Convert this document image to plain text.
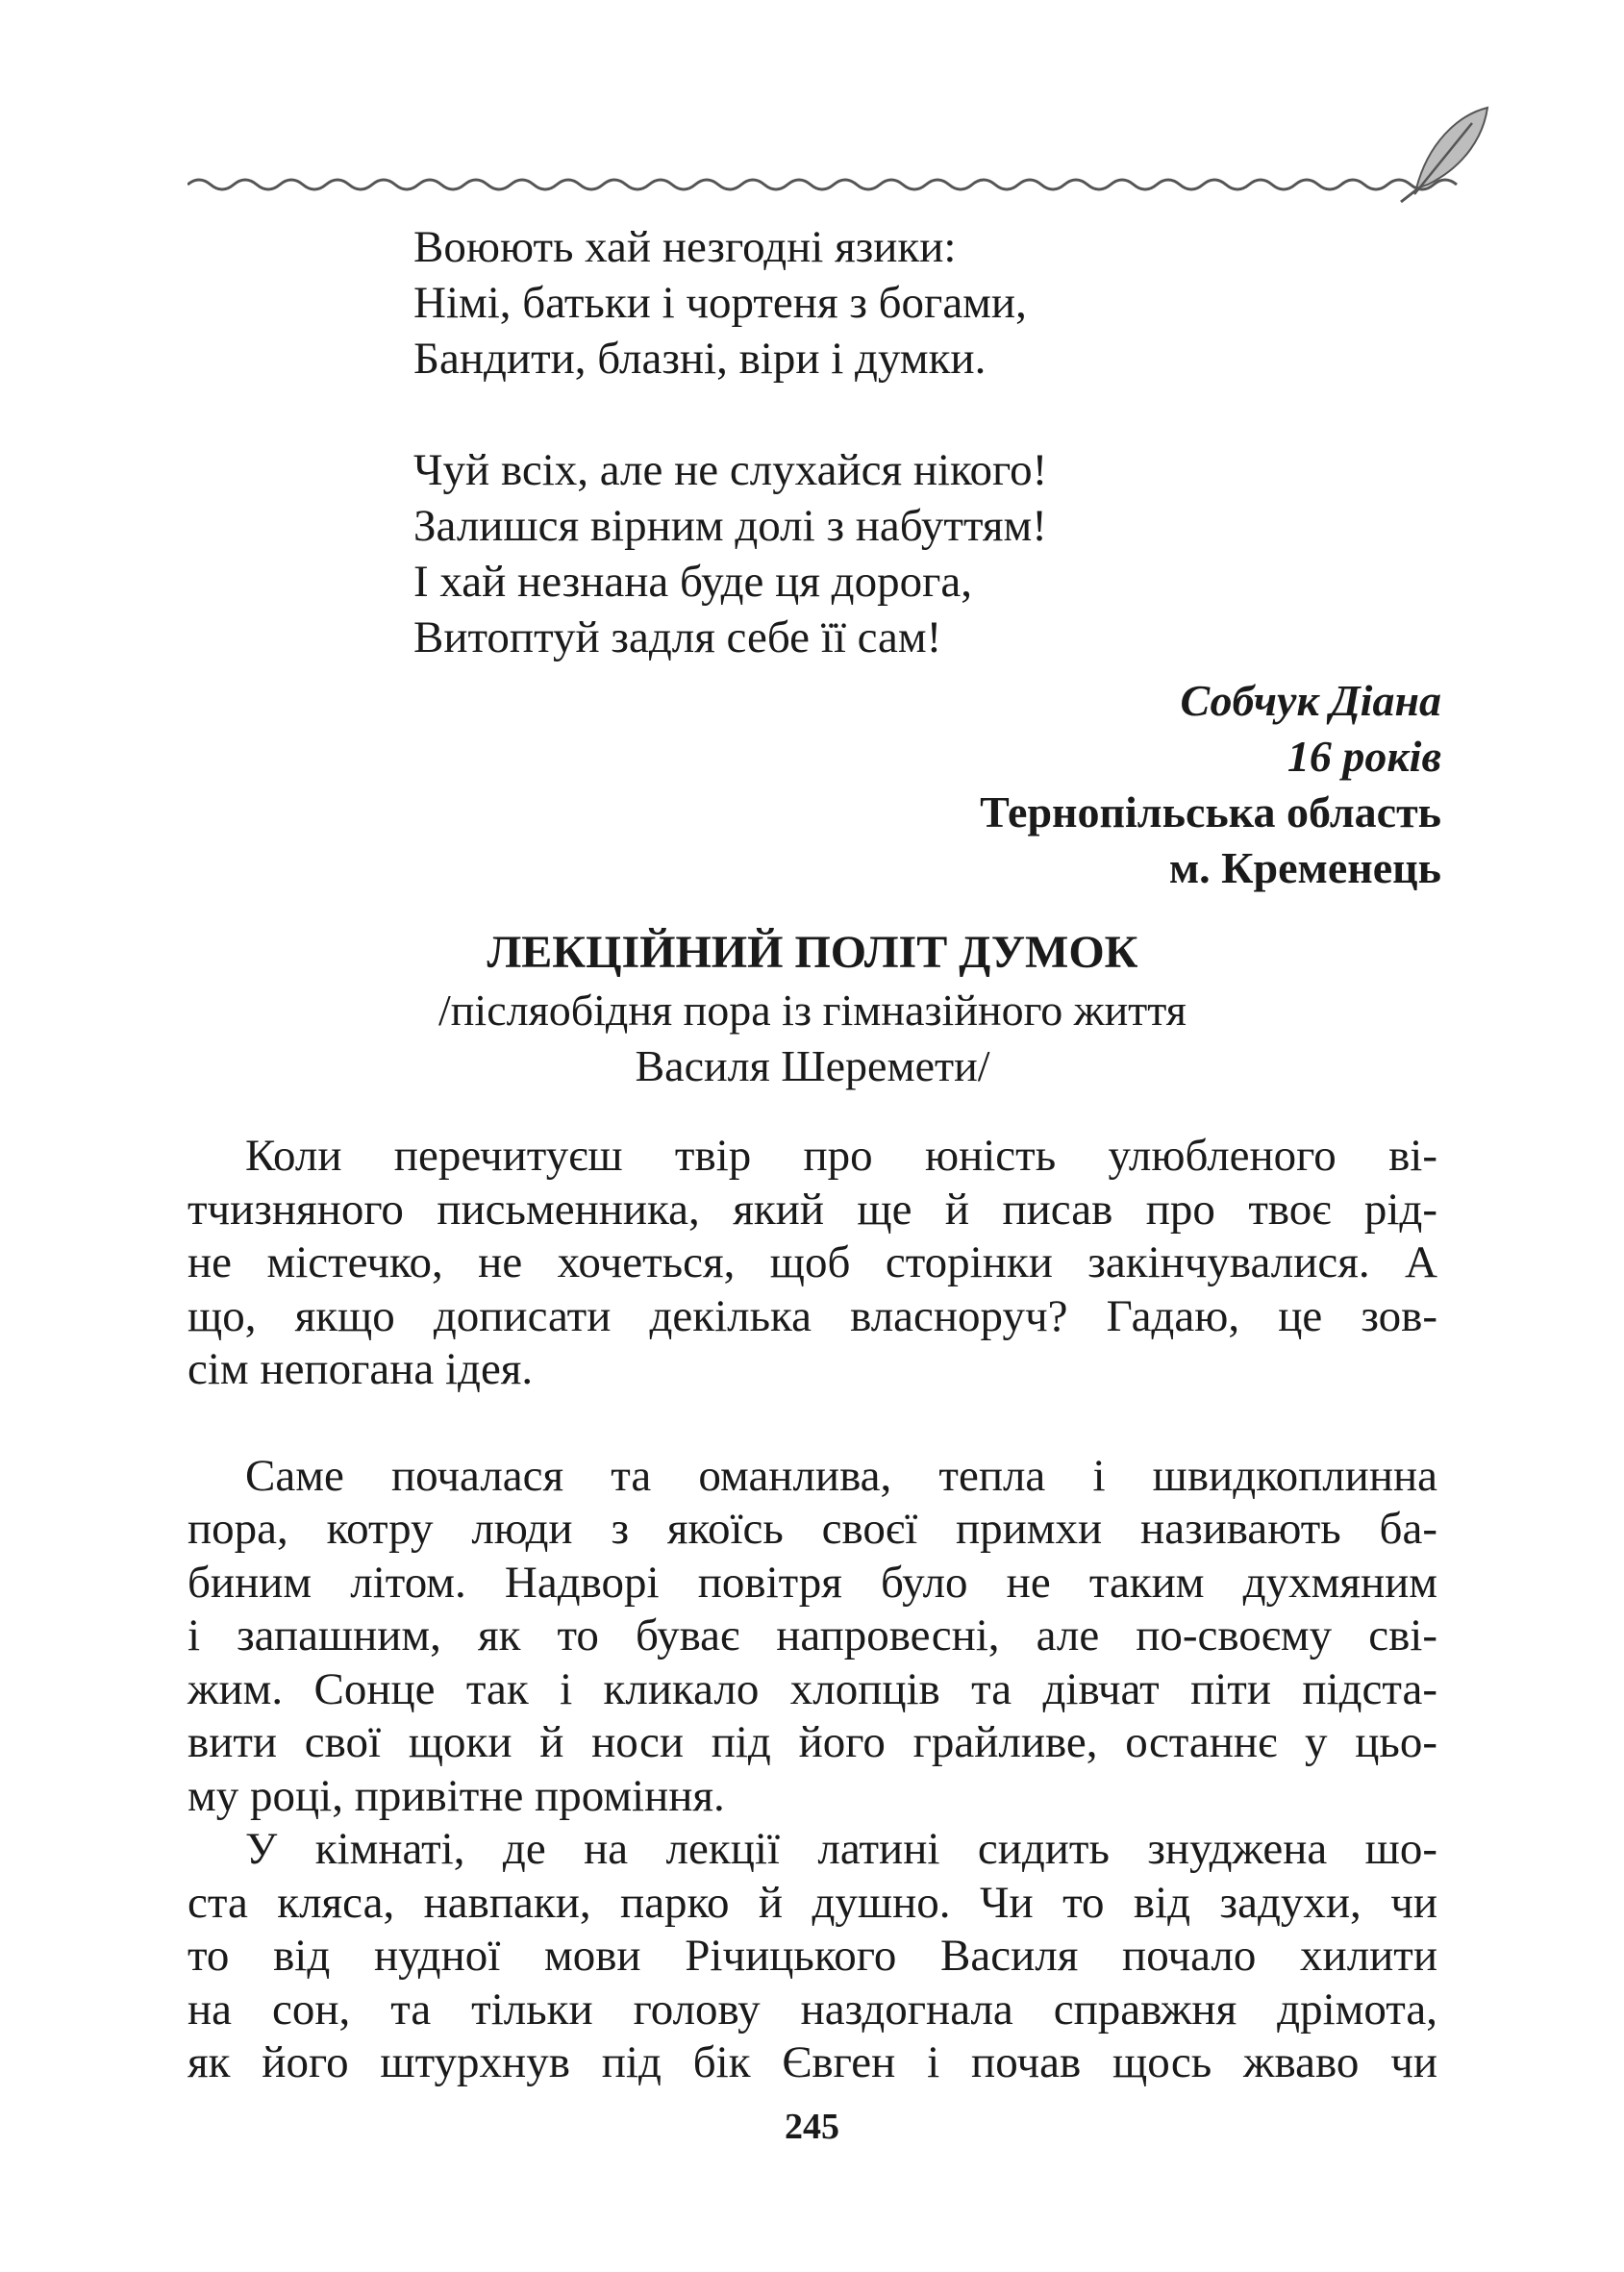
Воюють хай незгодні язики:
Німі, батьки і чортеня з богами,
Бандити, блазні, віри і думки.
Чуй всіх, але не слухайся нікого!
Залишся вірним долі з набуттям!
І хай незнана буде ця дорога,
Витоптуй задля себе її сам!
Собчук Діана
16 років
Тернопільська область
м. Кременець
ЛЕКЦІЙНИЙ ПОЛІТ ДУМОК
/післяобідня пора із гімназійного життя
Василя Шеремети/
Коли перечитуєш твір про юність улюбленого ві-
тчизняного письменника, який ще й писав про твоє рід-
не містечко, не хочеться, щоб сторінки закінчувалися. А
що, якщо дописати декілька власноруч? Гадаю, це зов-
сім непогана ідея.
Саме почалася та оманлива, тепла і швидкоплинна
пора, котру люди з якоїсь своєї примхи називають ба-
биним літом. Надворі повітря було не таким духмяним
і запашним, як то буває напровесні, але по-своєму сві-
жим. Сонце так і кликало хлопців та дівчат піти підста-
вити свої щоки й носи під його грайливе, останнє у цьо-
му році, привітне проміння.
У кімнаті, де на лекції латині сидить знуджена шо-
ста кляса, навпаки, парко й душно. Чи то від задухи, чи
то від нудної мови Річицького Василя почало хилити
на сон, та тільки голову наздогнала справжня дрімота,
як його штурхнув під бік Євген і почав щось жваво чи
245
